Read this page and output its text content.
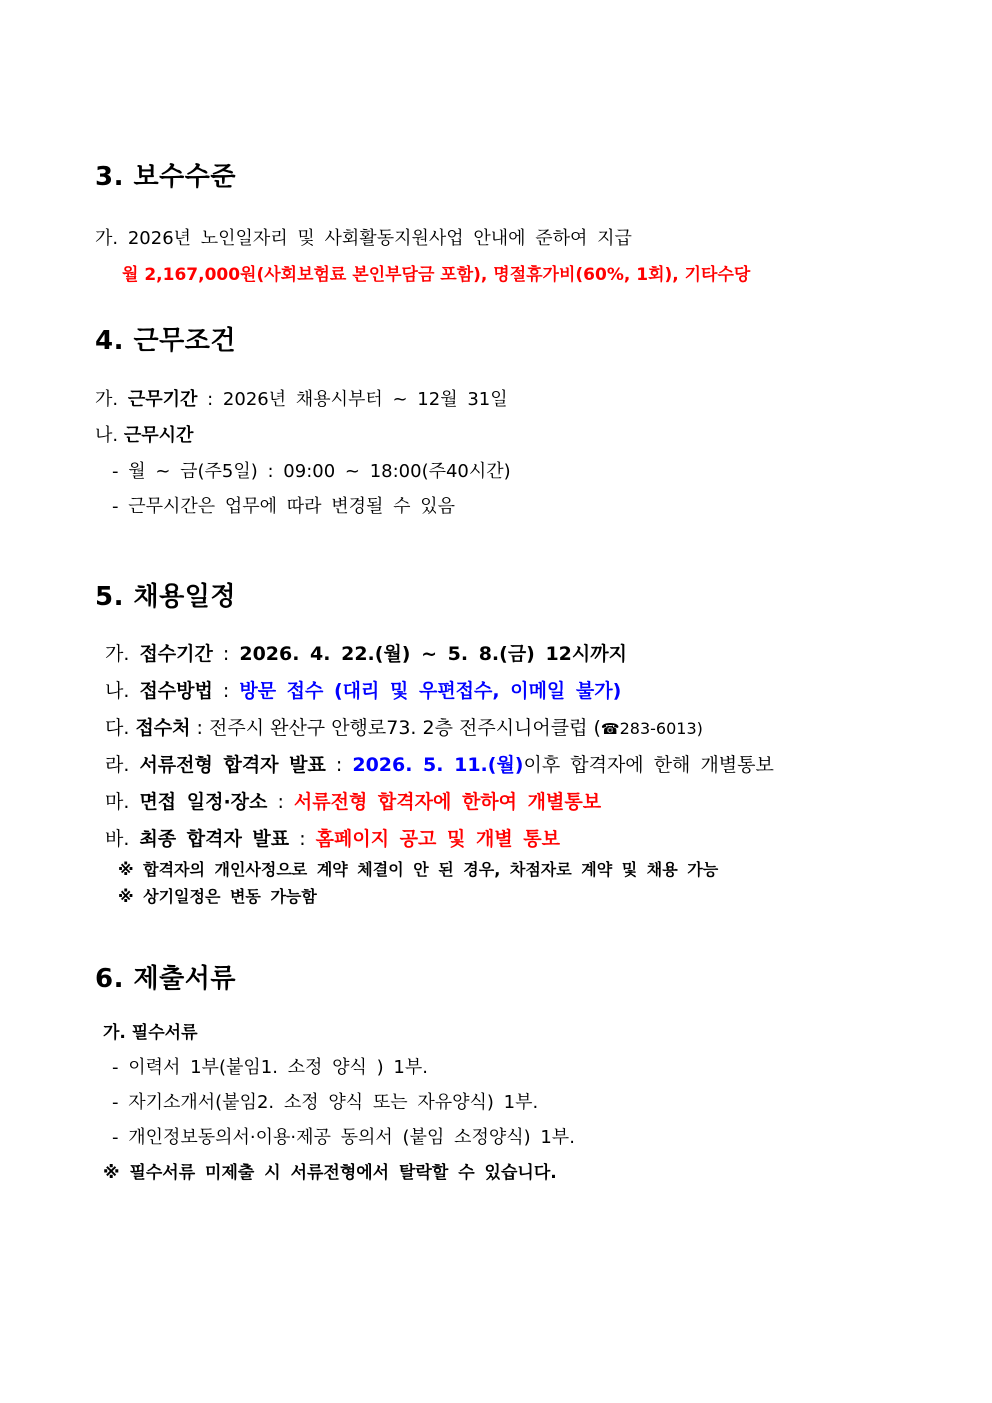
3. 보수수준
가. 2026년 노인일자리 및 사회활동지원사업 안내에 준하여 지급
월 2,167,000원(사회보험료 본인부담금 포함), 명절휴가비(60%, 1회), 기타수당
4. 근무조건
가. 근무기간 : 2026년 채용시부터 ~ 12월 31일
나. 근무시간
- 월 ~ 금(주5일) : 09:00 ~ 18:00(주40시간)
- 근무시간은 업무에 따라 변경될 수 있음
5. 채용일정
가. 접수기간 : 2026. 4. 22.(월) ~ 5. 8.(금) 12시까지
나. 접수방법 : 방문 접수 (대리 및 우편접수, 이메일 불가)
다. 접수처 : 전주시 완산구 안행로73. 2층 전주시니어클럽 (☎283-6013)
라. 서류전형 합격자 발표 : 2026. 5. 11.(월)이후 합격자에 한해 개별통보
마. 면접 일정·장소 : 서류전형 합격자에 한하여 개별통보
바. 최종 합격자 발표 : 홈페이지 공고 및 개별 통보
※ 합격자의 개인사정으로 계약 체결이 안 된 경우, 차점자로 계약 및 채용 가능
※ 상기일정은 변동 가능함
6. 제출서류
가. 필수서류
- 이력서 1부(붙임1. 소정 양식 ) 1부.
- 자기소개서(붙임2. 소정 양식 또는 자유양식) 1부.
- 개인정보동의서·이용·제공 동의서 (붙임 소정양식) 1부.
※ 필수서류 미제출 시 서류전형에서 탈락할 수 있습니다.
